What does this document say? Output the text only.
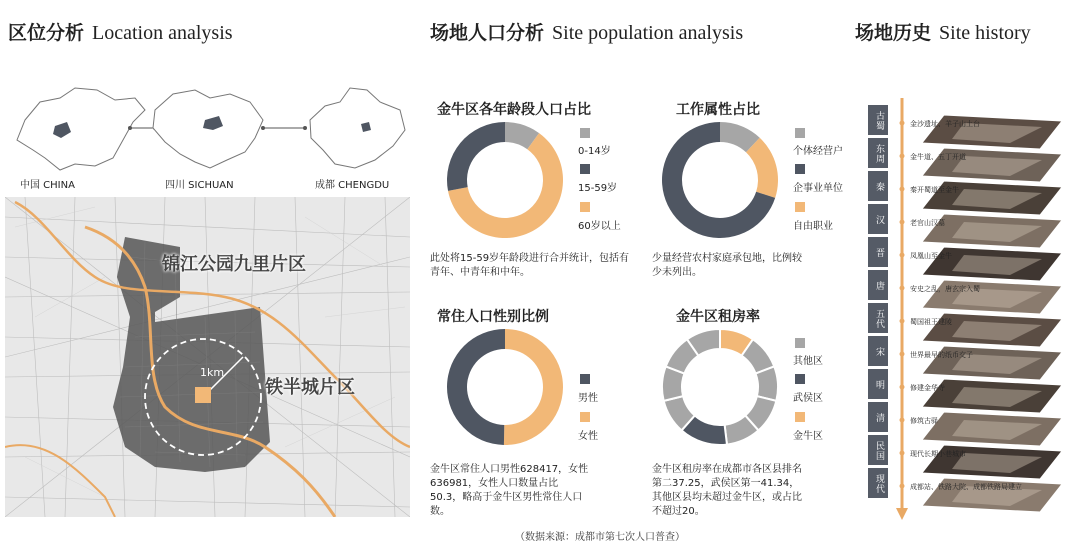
区位分析 Location analysis	场地人口分析 Site population analysis	场地历史 Site history
中国 CHINA	四川 SICHUAN	成都 CHENGDU
锦江公园九里片区
铁半城片区
1km
金牛区各年龄段人口占比
0-14岁
15-59岁
60岁以上
此处将15-59岁年龄段进行合并统计，包括有青年、中青年和中年。
工作属性占比
个体经营户
企事业单位
自由职业
少量经营农村家庭承包地，比例较少未列出。
常住人口性别比例
男性
女性
金牛区常住人口男性628417，女性636981，女性人口数量占比50.3，略高于金牛区男性常住人口数。
金牛区租房率
其他区
武侯区
金牛区
金牛区租房率在成都市各区县排名第二37.25，武侯区第一41.34，其他区县均未超过金牛区，或占比不超过20。
（数据来源：成都市第七次人口普查）
金沙遗址、羊子山土台
金牛道、五丁开道
秦开蜀道至金牛
老官山汉墓
凤凰山至金牛
安史之乱，唐玄宗入蜀
蜀国祖王建陵
世界最早的纸币交子
修建金华寺
修筑古驿
现代长期小巷城市
成都站、铁路大院、成都铁路局建立
古蜀
东周
秦
汉
晋
唐
五代
宋
明
清
民国
现代
